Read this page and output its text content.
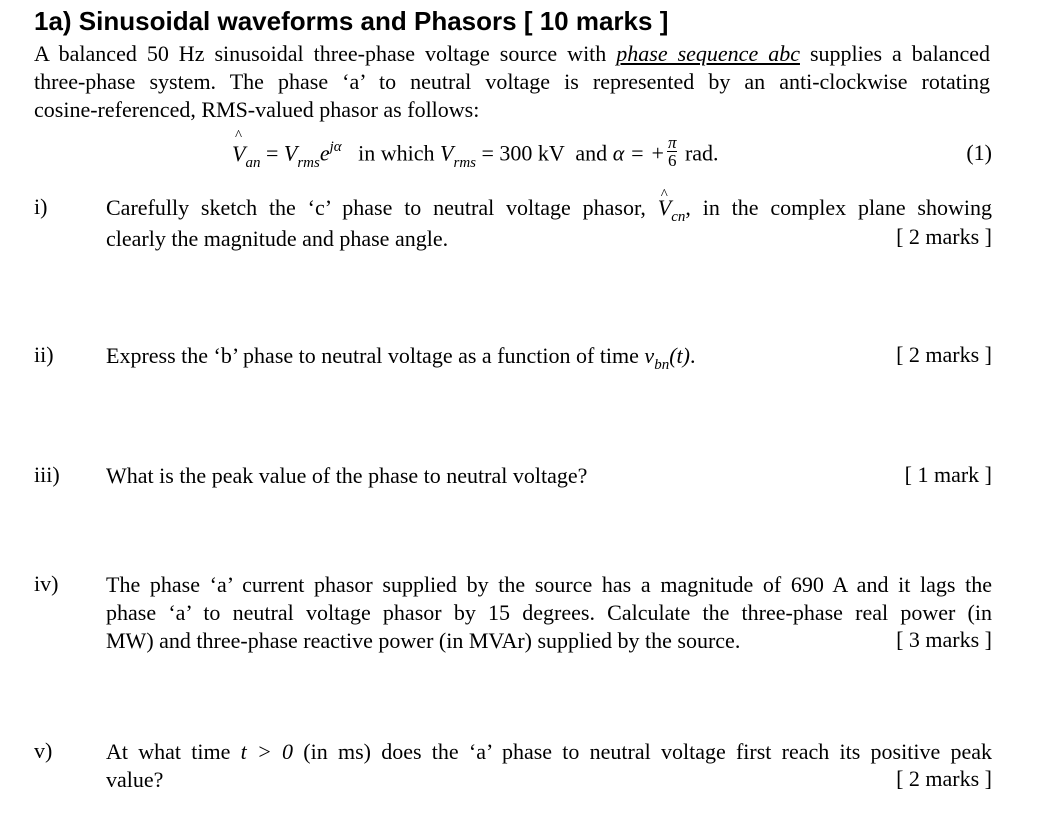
1a) Sinusoidal waveforms and Phasors [ 10 marks ]
A balanced 50 Hz sinusoidal three-phase voltage source with phase sequence abc supplies a balanced
three-phase system. The phase ‘a’ to neutral voltage is represented by an anti-clockwise rotating
cosine-referenced, RMS-valued phasor as follows:
^ $V_{an} = V_{rms}e^{j\alpha}$ in which $V_{rms} = 300$ kV and α = + $\frac{\pi}{6}$ rad.	(1)
i)	Carefully sketch the ‘c’ phase to neutral voltage phasor, ^ $V_{cn}$, in the complex plane showing
clearly the magnitude and phase angle.	[ 2 marks ]
ii) Express the ‘b’ phase to neutral voltage as a function of time $v_{bn}(t)$.	[ 2 marks ]
iii) What is the peak value of the phase to neutral voltage?	[ 1 mark ]
iv) The phase ‘a’ current phasor supplied by the source has a magnitude of 690 A and it lags the
phase ‘a’ to neutral voltage phasor by 15 degrees. Calculate the three-phase real power (in
MW) and three-phase reactive power (in MVAr) supplied by the source.	[ 3 marks ]
v) At what time t > 0 (in ms) does the ‘a’ phase to neutral voltage first reach its positive peak
value?	[ 2 marks ]
